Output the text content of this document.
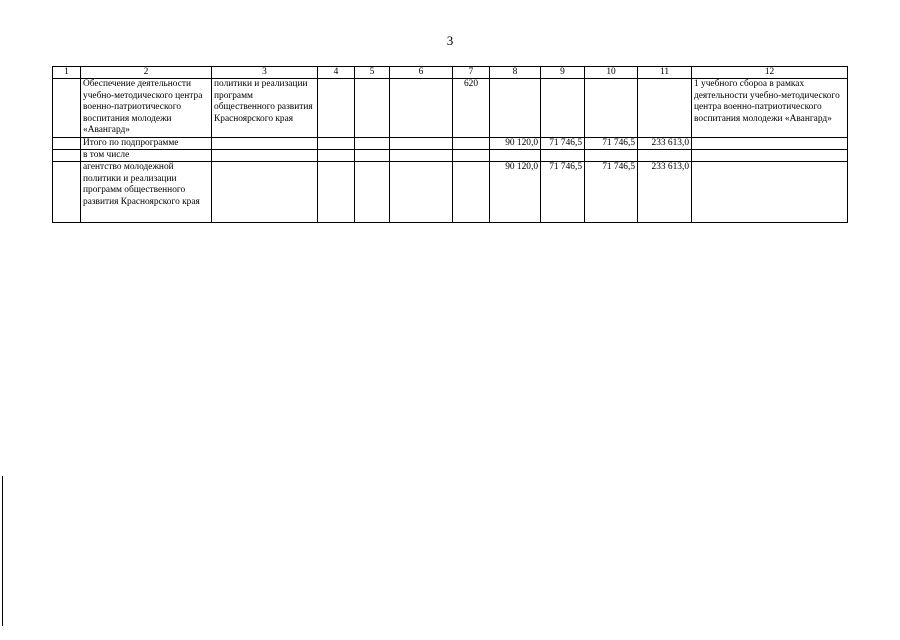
3
1	2	3	4	5	6	7	8	9	10	11	12
	Обеспечение деятельности учебно-методического центра военно-патриотического воспитания молодежи «Авангард»	политики и реализации программ общественного развития Красноярского края				620					1 учебного сбороа в рамках деятельности учебно-методического центра военно-патриотического воспитания молодежи «Авангард»
	Итого по подпрограмме						90 120,0	71 746,5	71 746,5	233 613,0	
	в том числе										
	агентство молодежной политики и реализации программ общественного развития Красноярского края						90 120,0	71 746,5	71 746,5	233 613,0	
